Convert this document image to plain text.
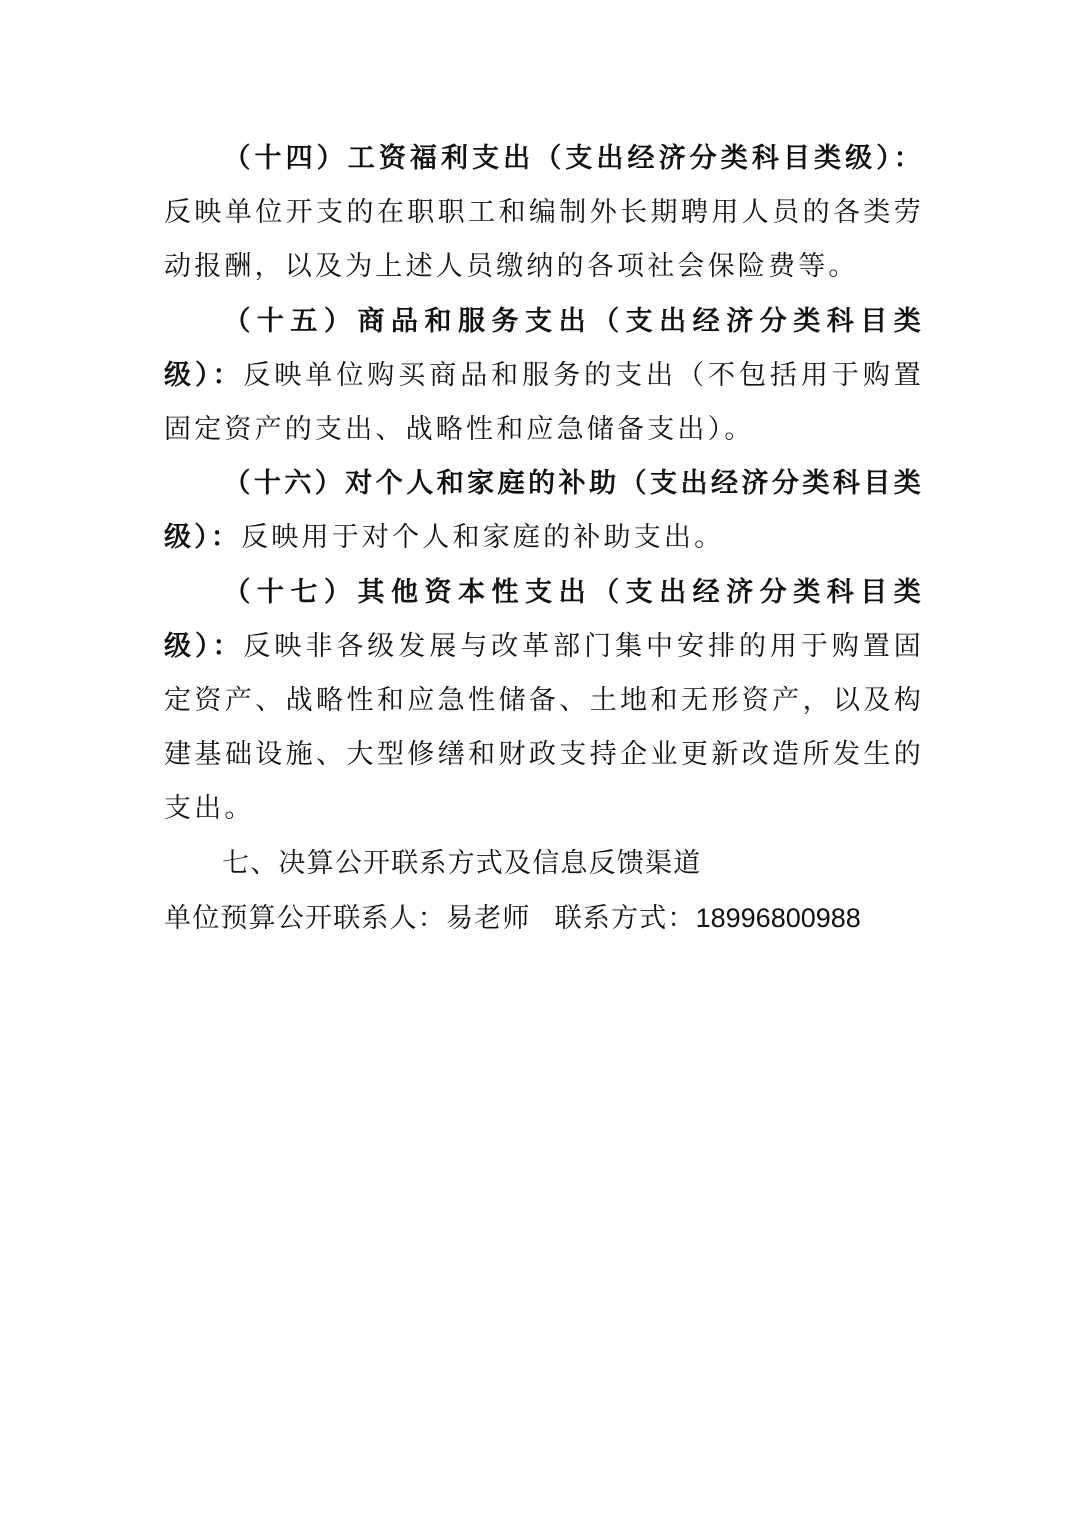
（十四）工资福利支出（支出经济分类科目类级）：反映单位开支的在职职工和编制外长期聘用人员的各类劳动报酬，以及为上述人员缴纳的各项社会保险费等。

（十五）商品和服务支出（支出经济分类科目类级）：反映单位购买商品和服务的支出（不包括用于购置固定资产的支出、战略性和应急储备支出）。

（十六）对个人和家庭的补助（支出经济分类科目类级）：反映用于对个人和家庭的补助支出。

（十七）其他资本性支出（支出经济分类科目类级）：反映非各级发展与改革部门集中安排的用于购置固定资产、战略性和应急性储备、土地和无形资产，以及构建基础设施、大型修缮和财政支持企业更新改造所发生的支出。

七、决算公开联系方式及信息反馈渠道

单位预算公开联系人：易老师 联系方式：18996800988
